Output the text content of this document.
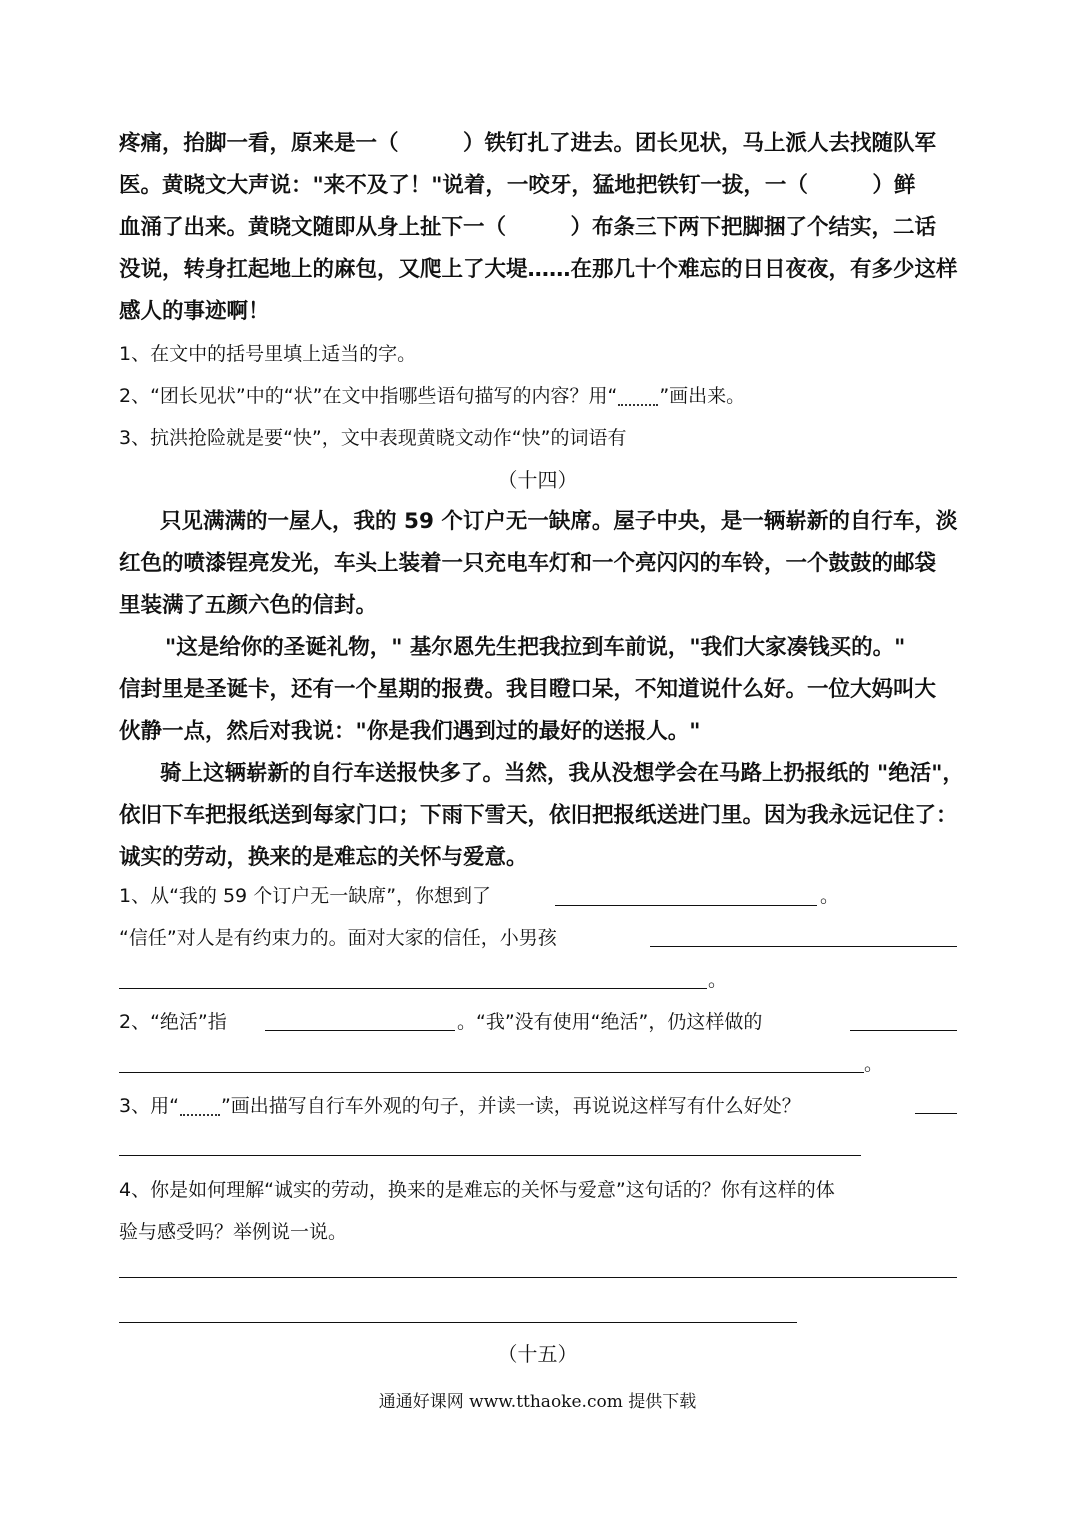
疼痛，抬脚一看，原来是一（　　　）铁钉扎了进去。团长见状，马上派人去找随队军
医。黄晓文大声说："来不及了！"说着，一咬牙，猛地把铁钉一拔，一（　　　）鲜
血涌了出来。黄晓文随即从身上扯下一（　　　）布条三下两下把脚捆了个结实，二话
没说，转身扛起地上的麻包，又爬上了大堤……在那几十个难忘的日日夜夜，有多少这样
感人的事迹啊！
1、在文中的括号里填上适当的字。
2、“团长见状”中的“状”在文中指哪些语句描写的内容？用“ ”画出来。
3、抗洪抢险就是要“快”，文中表现黄晓文动作“快”的词语有
（十四）
只见满满的一屋人，我的 59 个订户无一缺席。屋子中央，是一辆崭新的自行车，淡
红色的喷漆锃亮发光，车头上装着一只充电车灯和一个亮闪闪的车铃，一个鼓鼓的邮袋
里装满了五颜六色的信封。
"这是给你的圣诞礼物，" 基尔恩先生把我拉到车前说，"我们大家凑钱买的。"
信封里是圣诞卡，还有一个星期的报费。我目瞪口呆，不知道说什么好。一位大妈叫大
伙静一点，然后对我说："你是我们遇到过的最好的送报人。"
骑上这辆崭新的自行车送报快多了。当然，我从没想学会在马路上扔报纸的 "绝活"，
依旧下车把报纸送到每家门口；下雨下雪天，依旧把报纸送进门里。因为我永远记住了：
诚实的劳动，换来的是难忘的关怀与爱意。
1、从“我的 59 个订户无一缺席”，你想到了	。
“信任”对人是有约束力的。面对大家的信任，小男孩
。
2、“绝活”指	。“我”没有使用“绝活”，仍这样做的
。
3、用“ ”画出描写自行车外观的句子，并读一读，再说说这样写有什么好处？
4、你是如何理解“诚实的劳动，换来的是难忘的关怀与爱意”这句话的？你有这样的体
验与感受吗？举例说一说。
（十五）
通通好课网 www.tthaoke.com 提供下载
